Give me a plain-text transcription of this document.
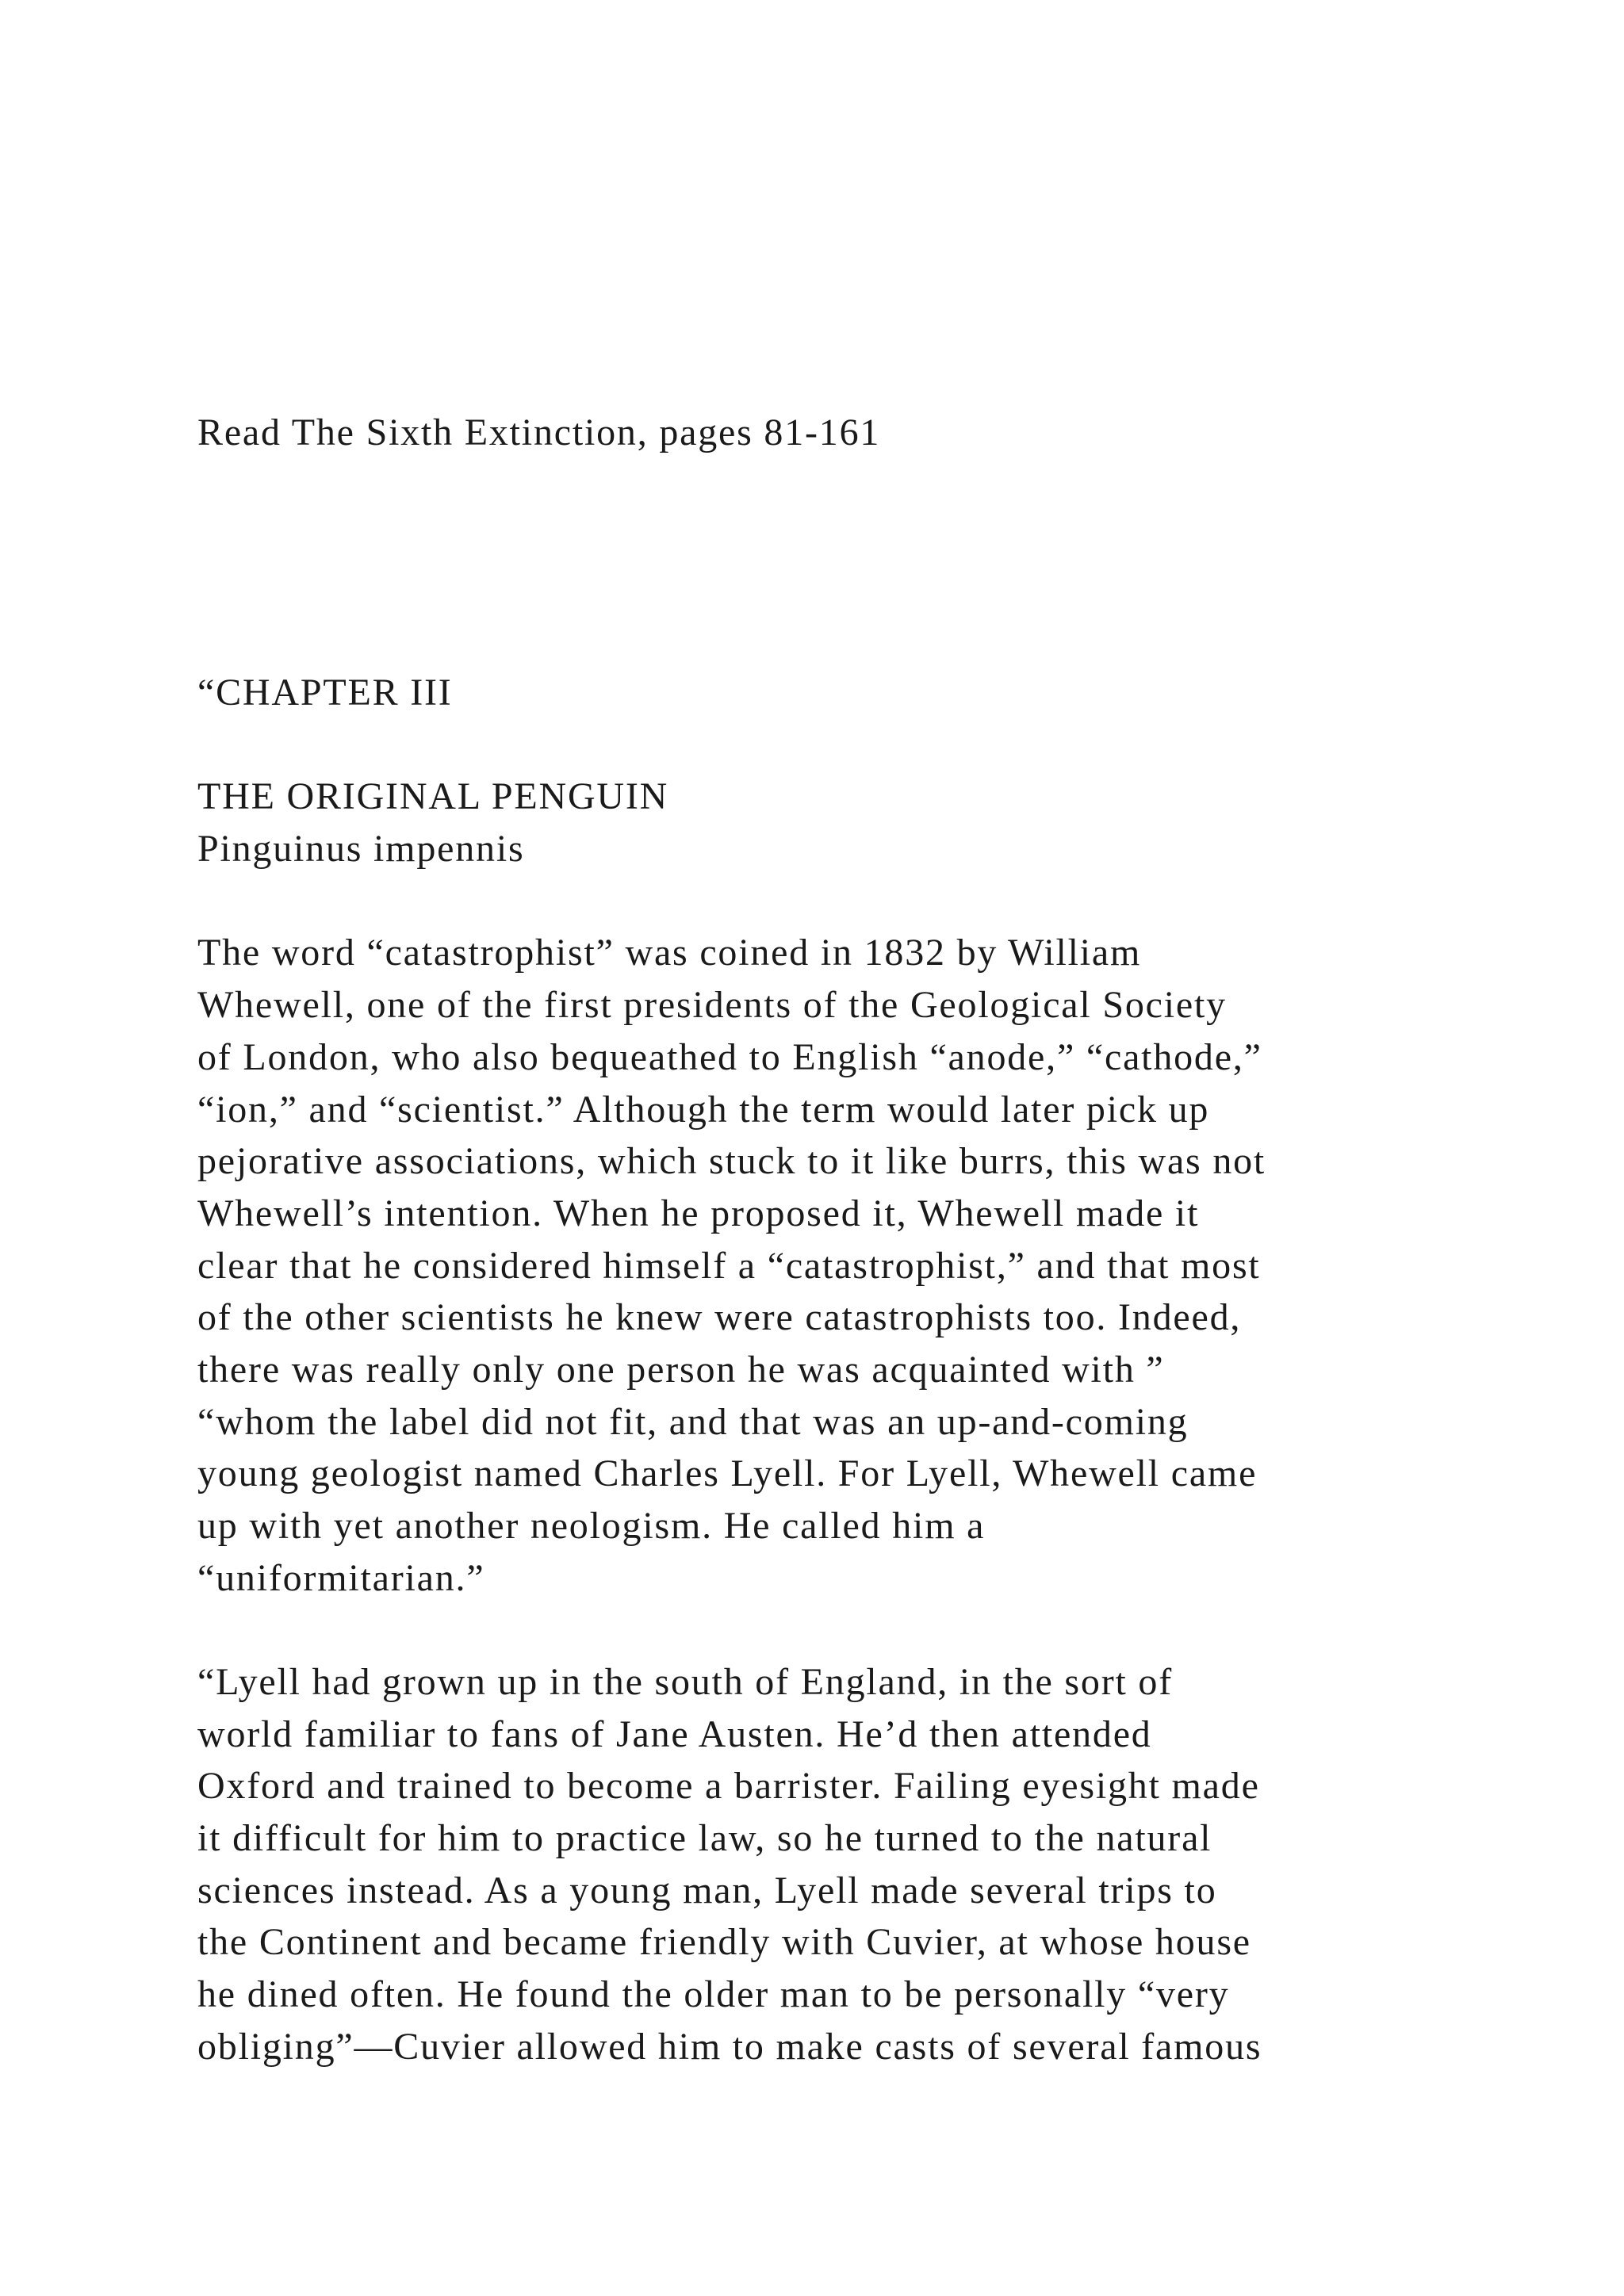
Read The Sixth Extinction, pages 81-161

“CHAPTER III

THE ORIGINAL PENGUIN

Pinguinus impennis

The word “catastrophist” was coined in 1832 by William

Whewell, one of the first presidents of the Geological Society

of London, who also bequeathed to English “anode,” “cathode,”

“ion,” and “scientist.” Although the term would later pick up

pejorative associations, which stuck to it like burrs, this was not

Whewell’s intention. When he proposed it, Whewell made it

clear that he considered himself a “catastrophist,” and that most

of the other scientists he knew were catastrophists too. Indeed,

there was really only one person he was acquainted with ”

“whom the label did not fit, and that was an up-and-coming

young geologist named Charles Lyell. For Lyell, Whewell came

up with yet another neologism. He called him a

“uniformitarian.”

“Lyell had grown up in the south of England, in the sort of

world familiar to fans of Jane Austen. He’d then attended

Oxford and trained to become a barrister. Failing eyesight made

it difficult for him to practice law, so he turned to the natural

sciences instead. As a young man, Lyell made several trips to

the Continent and became friendly with Cuvier, at whose house

he dined often. He found the older man to be personally “very

obliging”—Cuvier allowed him to make casts of several famous
